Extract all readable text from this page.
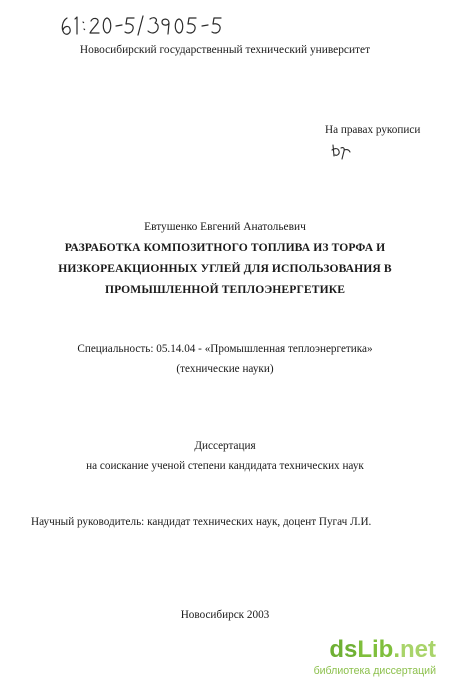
Новосибирский государственный технический университет
На правах рукописи
Евтушенко Евгений Анатольевич
РАЗРАБОТКА КОМПОЗИТНОГО ТОПЛИВА ИЗ ТОРФА И
НИЗКОРЕАКЦИОННЫХ УГЛЕЙ ДЛЯ ИСПОЛЬЗОВАНИЯ В
ПРОМЫШЛЕННОЙ ТЕПЛОЭНЕРГЕТИКЕ
Специальность: 05.14.04 - «Промышленная теплоэнергетика»
(технические науки)
Диссертация
на соискание ученой степени кандидата технических наук
Научный руководитель: кандидат технических наук, доцент Пугач Л.И.
Новосибирск 2003
dsLib.net
библиотека диссертаций
